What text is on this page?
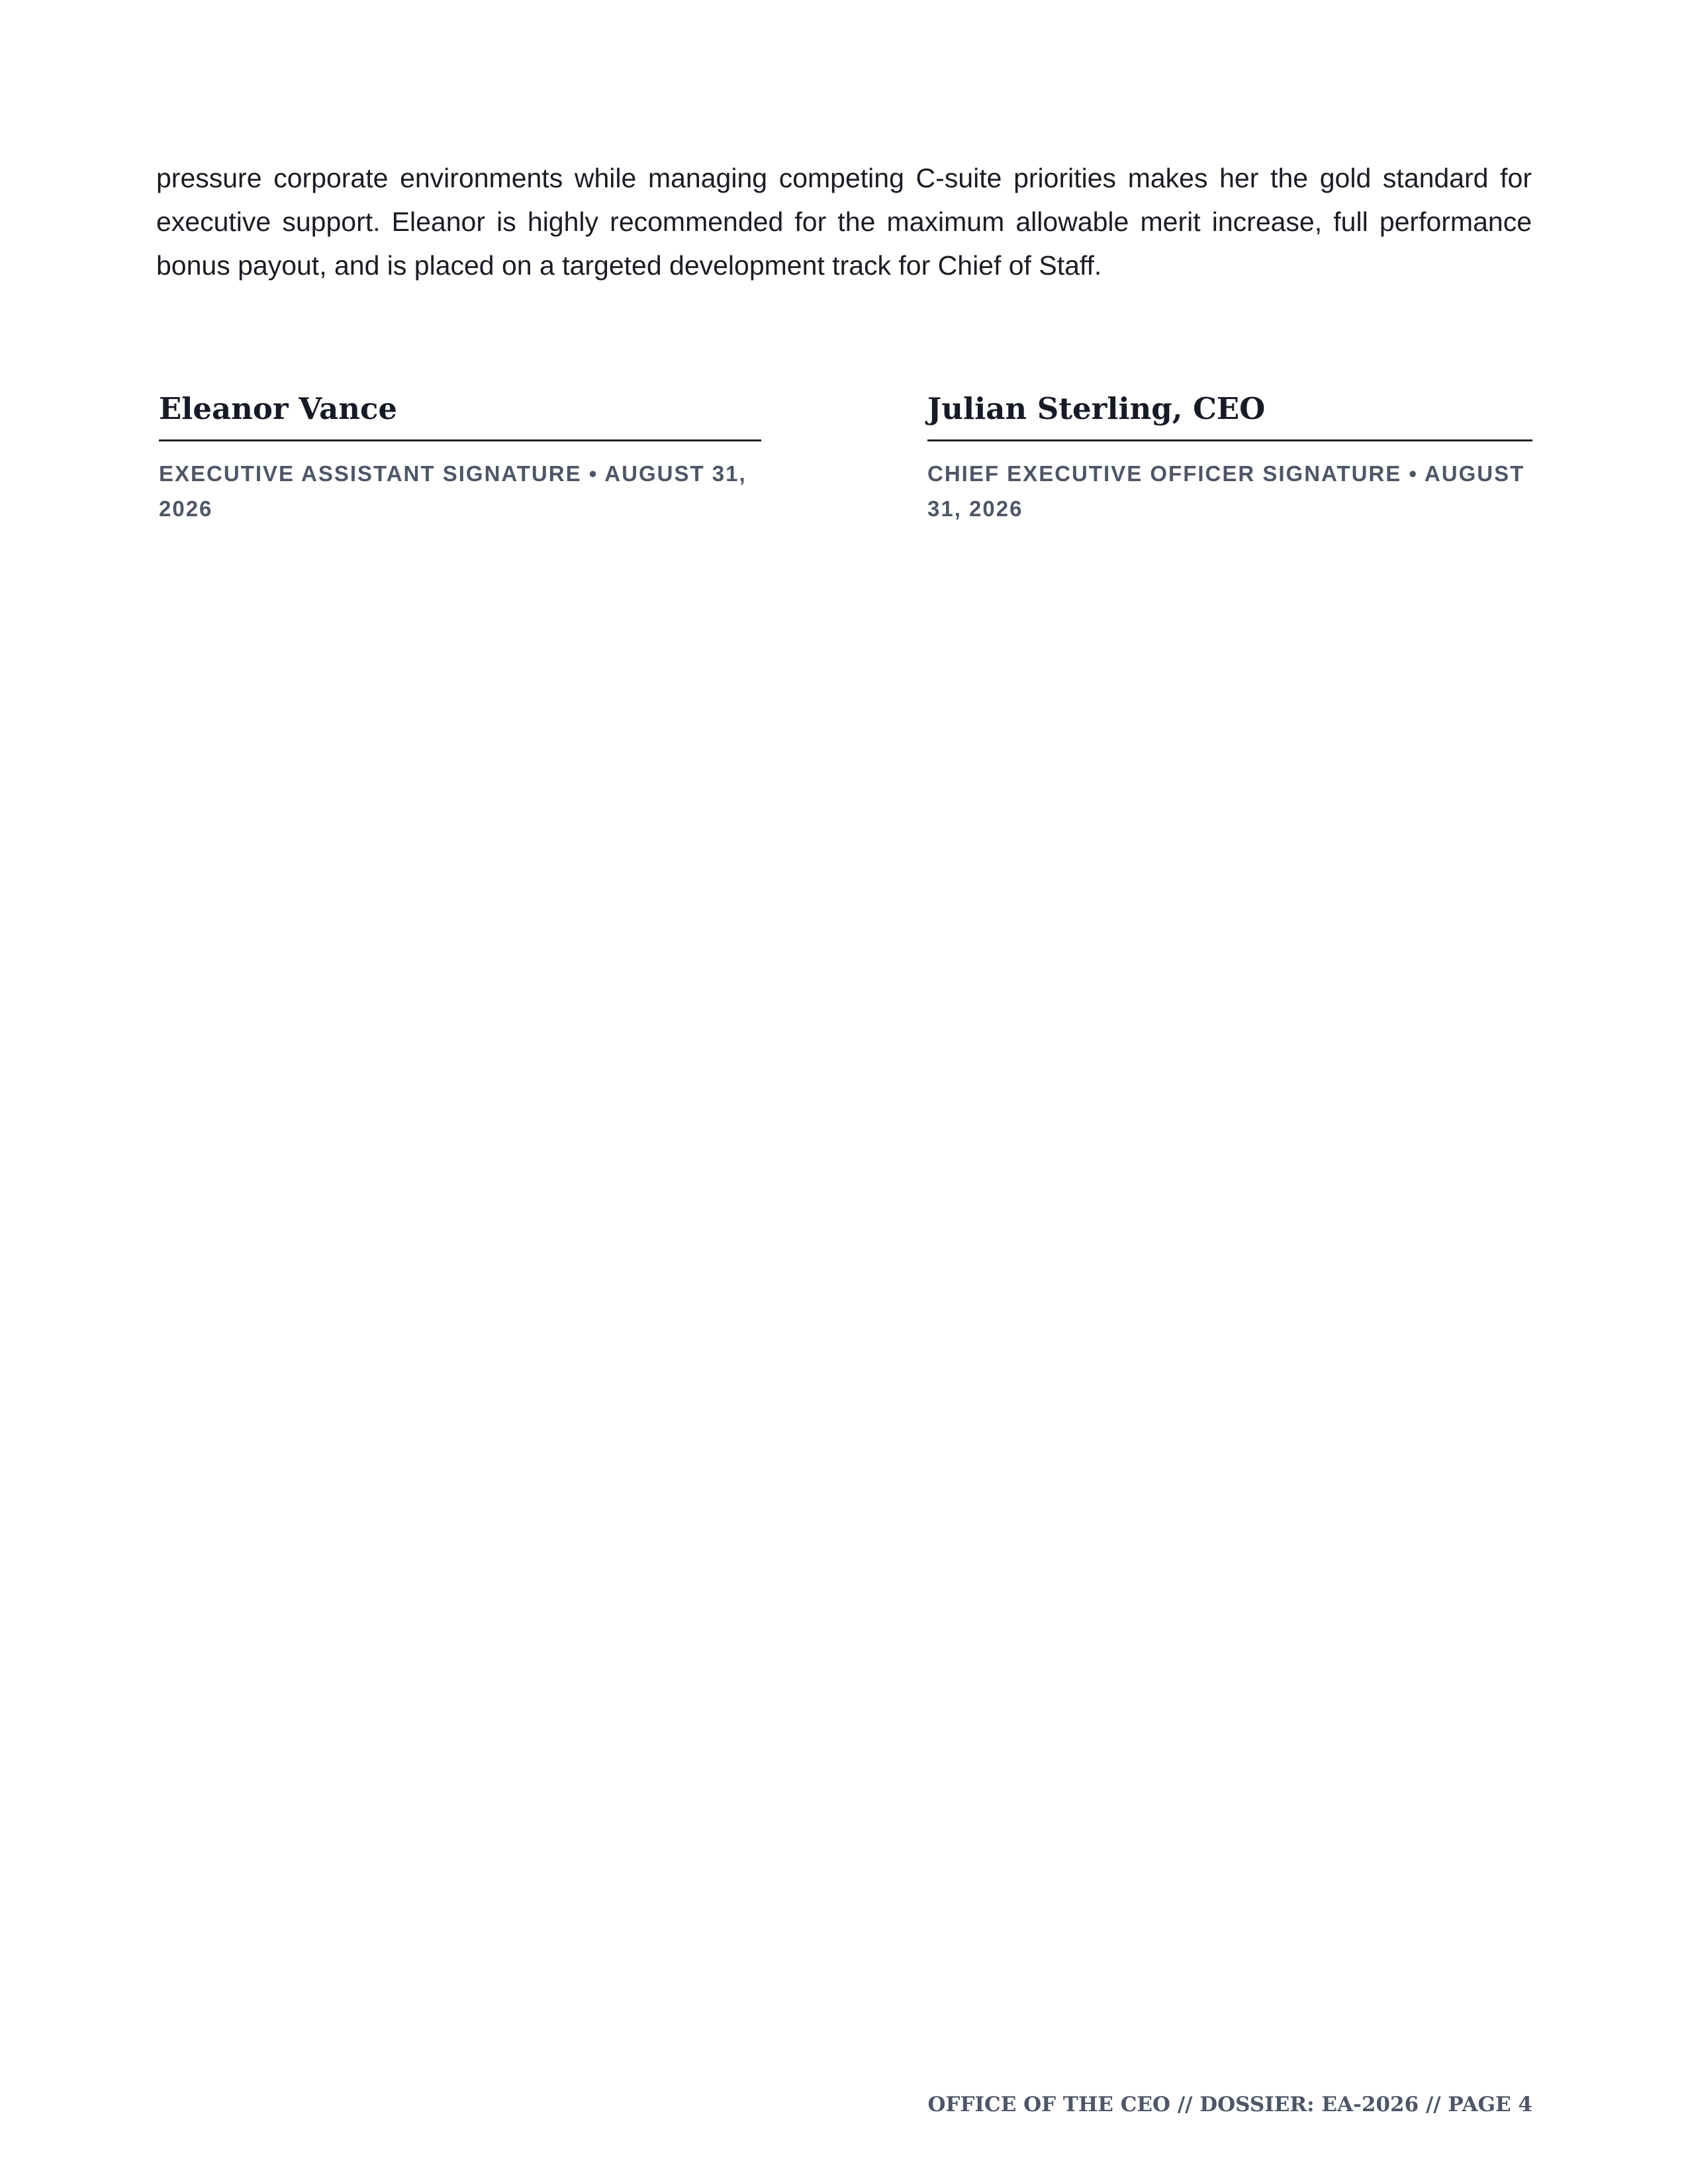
pressure corporate environments while managing competing C-suite priorities makes her the gold standard for executive support. Eleanor is highly recommended for the maximum allowable merit increase, full performance bonus payout, and is placed on a targeted development track for Chief of Staff.

Eleanor Vance
EXECUTIVE ASSISTANT SIGNATURE • AUGUST 31, 2026
Julian Sterling, CEO
CHIEF EXECUTIVE OFFICER SIGNATURE • AUGUST 31, 2026
OFFICE OF THE CEO // DOSSIER: EA-2026 // PAGE 4
